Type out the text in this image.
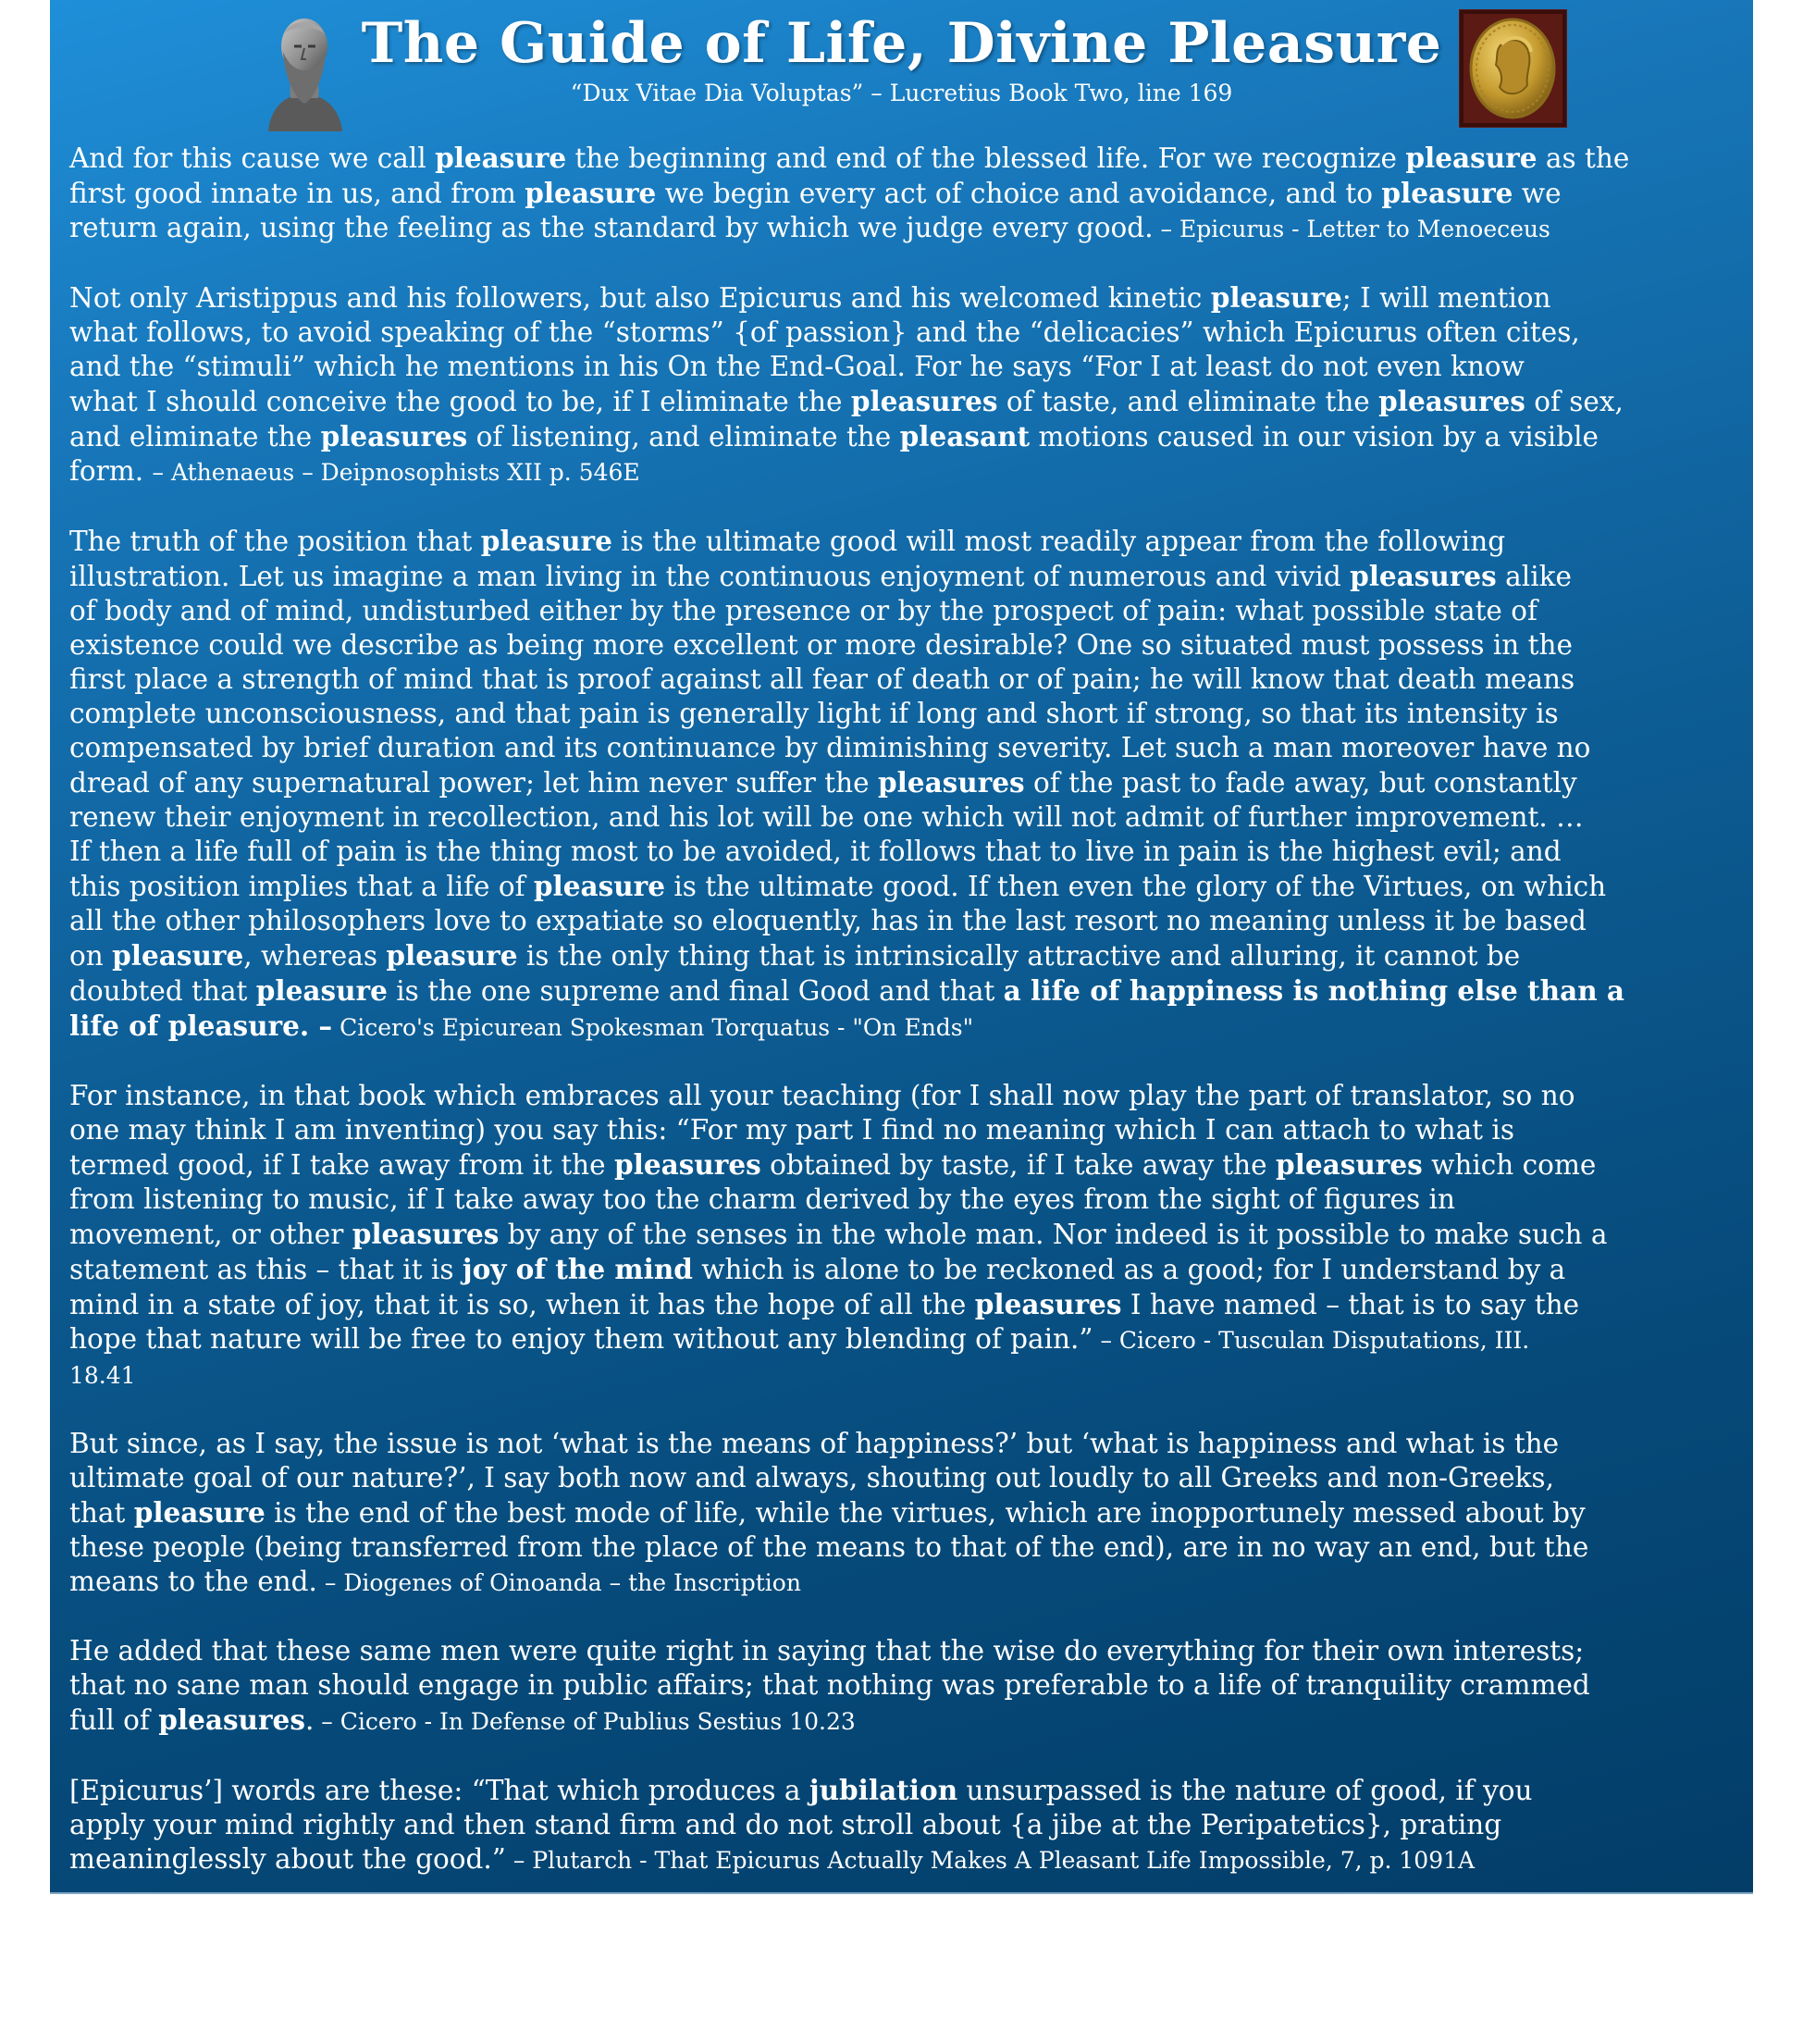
The Guide of Life, Divine Pleasure
“Dux Vitae Dia Voluptas” – Lucretius Book Two, line 169

And for this cause we call pleasure the beginning and end of the blessed life. For we recognize pleasure as the
first good innate in us, and from pleasure we begin every act of choice and avoidance, and to pleasure we
return again, using the feeling as the standard by which we judge every good. – Epicurus - Letter to Menoeceus

Not only Aristippus and his followers, but also Epicurus and his welcomed kinetic pleasure; I will mention
what follows, to avoid speaking of the “storms” {of passion} and the “delicacies” which Epicurus often cites,
and the “stimuli” which he mentions in his On the End-Goal. For he says “For I at least do not even know
what I should conceive the good to be, if I eliminate the pleasures of taste, and eliminate the pleasures of sex,
and eliminate the pleasures of listening, and eliminate the pleasant motions caused in our vision by a visible
form. – Athenaeus – Deipnosophists XII p. 546E

The truth of the position that pleasure is the ultimate good will most readily appear from the following
illustration. Let us imagine a man living in the continuous enjoyment of numerous and vivid pleasures alike
of body and of mind, undisturbed either by the presence or by the prospect of pain: what possible state of
existence could we describe as being more excellent or more desirable? One so situated must possess in the
first place a strength of mind that is proof against all fear of death or of pain; he will know that death means
complete unconsciousness, and that pain is generally light if long and short if strong, so that its intensity is
compensated by brief duration and its continuance by diminishing severity. Let such a man moreover have no
dread of any supernatural power; let him never suffer the pleasures of the past to fade away, but constantly
renew their enjoyment in recollection, and his lot will be one which will not admit of further improvement. …
If then a life full of pain is the thing most to be avoided, it follows that to live in pain is the highest evil; and
this position implies that a life of pleasure is the ultimate good. If then even the glory of the Virtues, on which
all the other philosophers love to expatiate so eloquently, has in the last resort no meaning unless it be based
on pleasure, whereas pleasure is the only thing that is intrinsically attractive and alluring, it cannot be
doubted that pleasure is the one supreme and final Good and that a life of happiness is nothing else than a
life of pleasure. – Cicero's Epicurean Spokesman Torquatus - "On Ends"

For instance, in that book which embraces all your teaching (for I shall now play the part of translator, so no
one may think I am inventing) you say this: “For my part I find no meaning which I can attach to what is
termed good, if I take away from it the pleasures obtained by taste, if I take away the pleasures which come
from listening to music, if I take away too the charm derived by the eyes from the sight of figures in
movement, or other pleasures by any of the senses in the whole man. Nor indeed is it possible to make such a
statement as this – that it is joy of the mind which is alone to be reckoned as a good; for I understand by a
mind in a state of joy, that it is so, when it has the hope of all the pleasures I have named – that is to say the
hope that nature will be free to enjoy them without any blending of pain.” – Cicero - Tusculan Disputations, III.
18.41

But since, as I say, the issue is not ‘what is the means of happiness?’ but ‘what is happiness and what is the
ultimate goal of our nature?’, I say both now and always, shouting out loudly to all Greeks and non-Greeks,
that pleasure is the end of the best mode of life, while the virtues, which are inopportunely messed about by
these people (being transferred from the place of the means to that of the end), are in no way an end, but the
means to the end. – Diogenes of Oinoanda – the Inscription

He added that these same men were quite right in saying that the wise do everything for their own interests;
that no sane man should engage in public affairs; that nothing was preferable to a life of tranquility crammed
full of pleasures. – Cicero - In Defense of Publius Sestius 10.23

[Epicurus’] words are these: “That which produces a jubilation unsurpassed is the nature of good, if you
apply your mind rightly and then stand firm and do not stroll about {a jibe at the Peripatetics}, prating
meaninglessly about the good.” – Plutarch - That Epicurus Actually Makes A Pleasant Life Impossible, 7, p. 1091A
